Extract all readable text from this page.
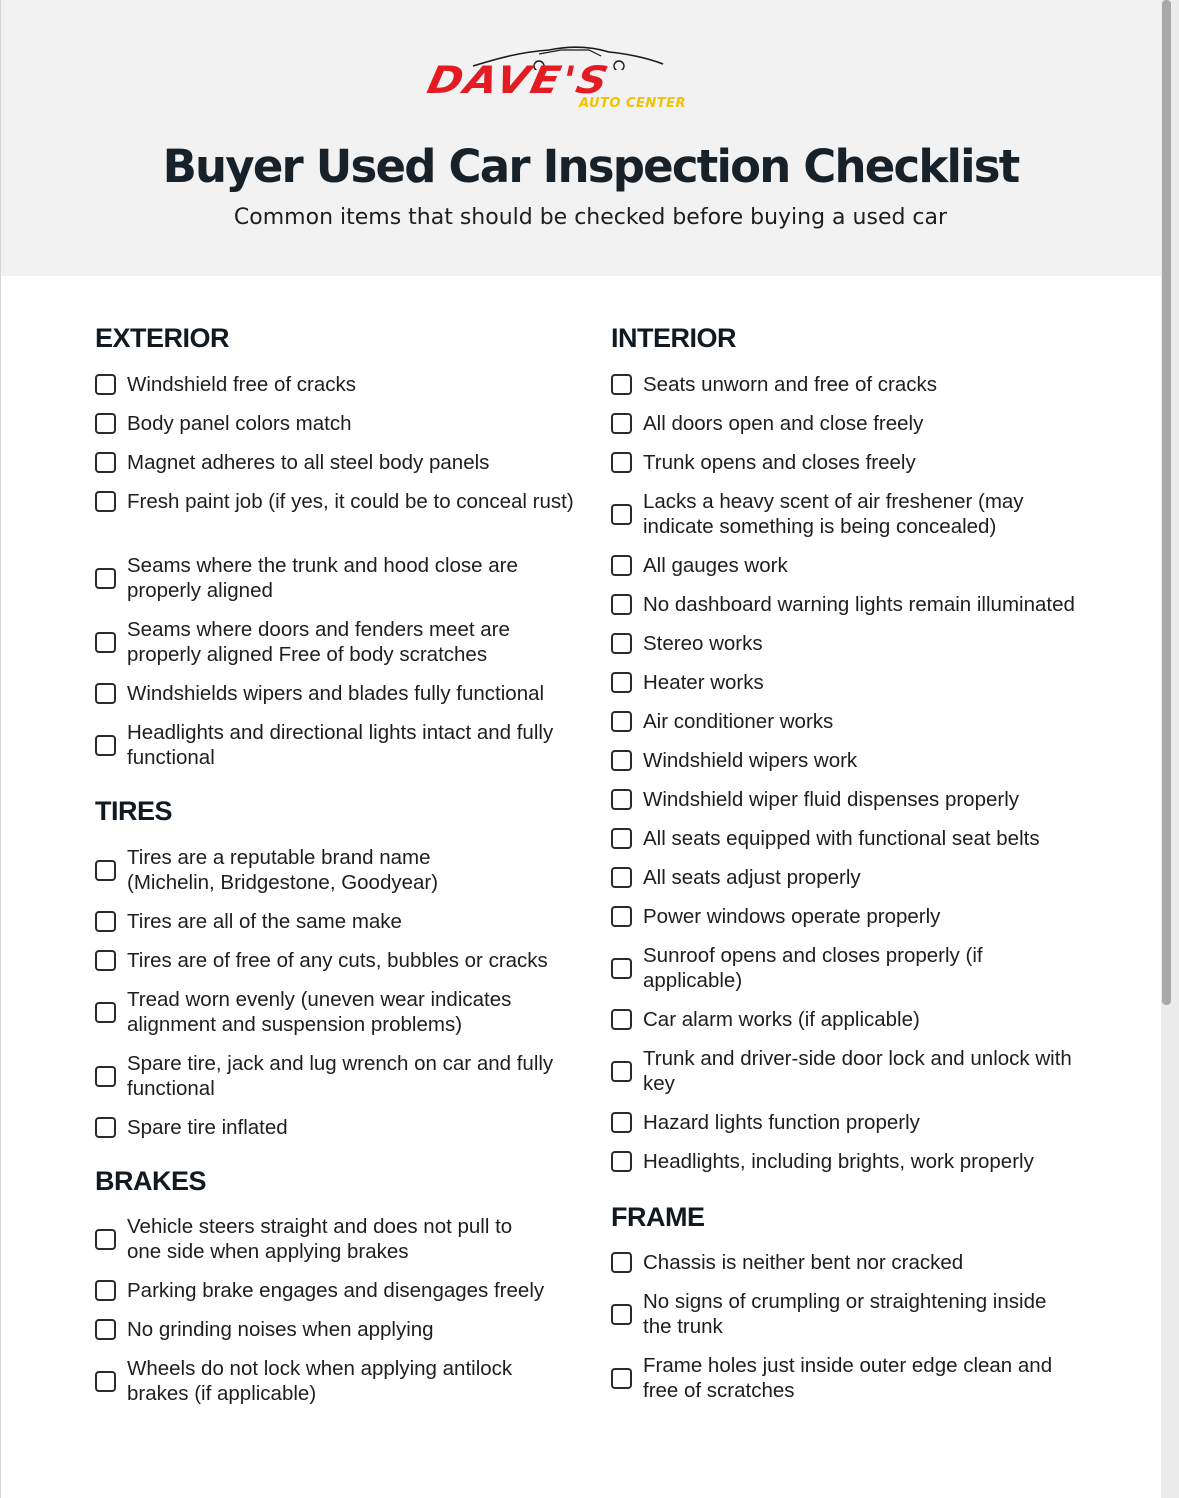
DAVE'S
AUTO CENTER
Buyer Used Car Inspection Checklist
Common items that should be checked before buying a used car
EXTERIOR
Windshield free of cracks
Body panel colors match
Magnet adheres to all steel body panels
Fresh paint job (if yes, it could be to conceal rust)
Seams where the trunk and hood close are properly aligned
Seams where doors and fenders meet are properly aligned Free of body scratches
Windshields wipers and blades fully functional
Headlights and directional lights intact and fully functional
TIRES
Tires are a reputable brand name (Michelin, Bridgestone, Goodyear)
Tires are all of the same make
Tires are of free of any cuts, bubbles or cracks
Tread worn evenly (uneven wear indicates alignment and suspension problems)
Spare tire, jack and lug wrench on car and fully functional
Spare tire inflated
BRAKES
Vehicle steers straight and does not pull to one side when applying brakes
Parking brake engages and disengages freely
No grinding noises when applying
Wheels do not lock when applying antilock brakes (if applicable)
INTERIOR
Seats unworn and free of cracks
All doors open and close freely
Trunk opens and closes freely
Lacks a heavy scent of air freshener (may indicate something is being concealed)
All gauges work
No dashboard warning lights remain illuminated
Stereo works
Heater works
Air conditioner works
Windshield wipers work
Windshield wiper fluid dispenses properly
All seats equipped with functional seat belts
All seats adjust properly
Power windows operate properly
Sunroof opens and closes properly (if applicable)
Car alarm works (if applicable)
Trunk and driver-side door lock and unlock with key
Hazard lights function properly
Headlights, including brights, work properly
FRAME
Chassis is neither bent nor cracked
No signs of crumpling or straightening inside the trunk
Frame holes just inside outer edge clean and free of scratches
